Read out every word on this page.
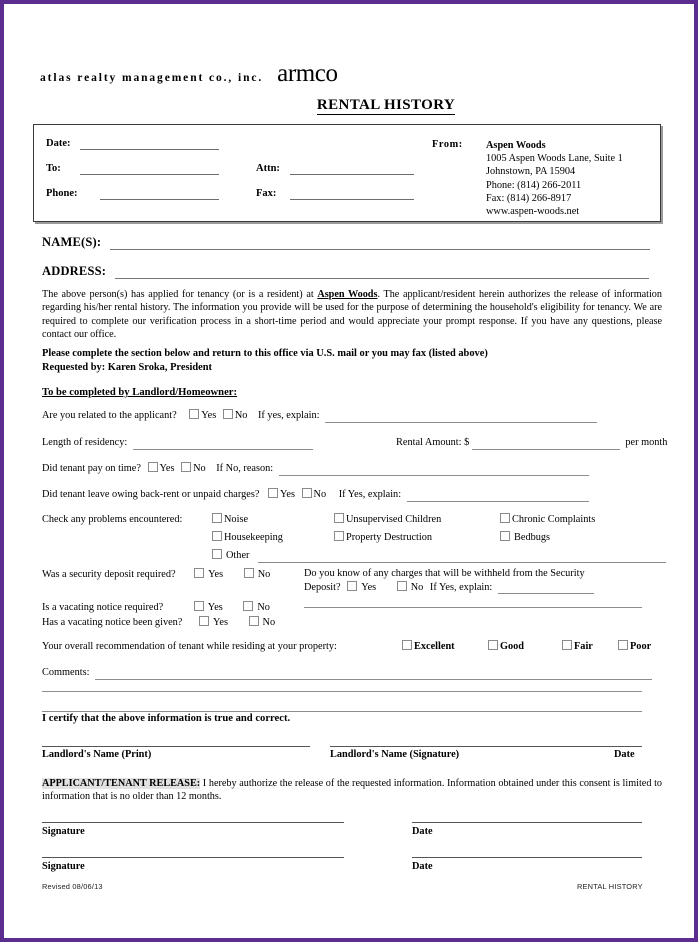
atlas realty management co., inc. armco
RENTAL HISTORY
Date:
To:
Phone:
Attn:
Fax:
From: Aspen Woods
1005 Aspen Woods Lane, Suite 1
Johnstown, PA 15904
Phone: (814) 266-2011
Fax: (814) 266-8917
www.aspen-woods.net
NAME(S):
ADDRESS:
The above person(s) has applied for tenancy (or is a resident) at Aspen Woods. The applicant/resident herein authorizes the release of information regarding his/her rental history. The information you provide will be used for the purpose of determining the household's eligibility for tenancy. We are required to complete our verification process in a short-time period and would appreciate your prompt response. If you have any questions, please contact our office.
Please complete the section below and return to this office via U.S. mail or you may fax (listed above)
Requested by: Karen Sroka, President
To be completed by Landlord/Homeowner:
Are you related to the applicant? Yes No If yes, explain:
Length of residency:	Rental Amount: $	per month
Did tenant pay on time? Yes No If No, reason:
Did tenant leave owing back-rent or unpaid charges? Yes No If Yes, explain:
Check any problems encountered:	Noise	Unsupervised Children	Chronic Complaints
Housekeeping	Property Destruction	Bedbugs
Other
Was a security deposit required?	Yes	No	Do you know of any charges that will be withheld from the Security
Deposit? Yes	No If Yes, explain:
Is a vacating notice required?	Yes	No
Has a vacating notice been given?	Yes	No
Your overall recommendation of tenant while residing at your property:	Excellent	Good	Fair	Poor
Comments:
I certify that the above information is true and correct.
Landlord's Name (Print)	Landlord's Name (Signature)	Date
APPLICANT/TENANT RELEASE: I hereby authorize the release of the requested information. Information obtained under this consent is limited to information that is no older than 12 months.
Signature	Date
Signature	Date
Revised 08/06/13	RENTAL HISTORY
